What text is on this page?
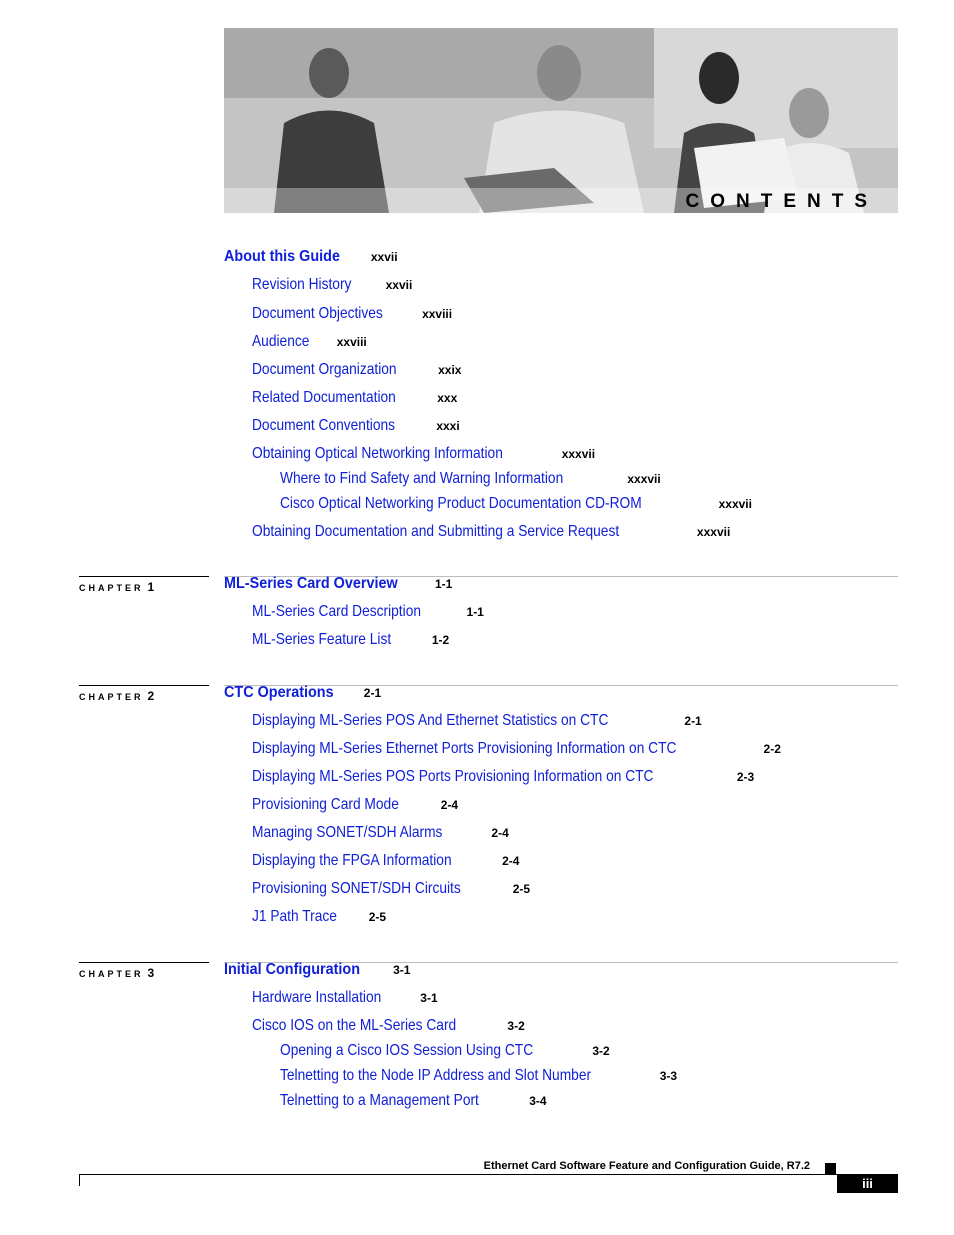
CONTENTS
About this Guide	xxvii
Revision History	xxvii
Document Objectives	xxviii
Audience xxviii
Document Organization	xxix
Related Documentation	xxx
Document Conventions	xxxi
Obtaining Optical Networking Information	xxxvii
Where to Find Safety and Warning Information	xxxvii
Cisco Optical Networking Product Documentation CD-ROM	xxxvii
Obtaining Documentation and Submitting a Service Request	xxxvii
CHAPTER 1	ML-Series Card Overview	1-1
ML-Series Card Description	1-1
ML-Series Feature List	1-2
CHAPTER 2	CTC Operations	2-1
Displaying ML-Series POS And Ethernet Statistics on CTC	2-1
Displaying ML-Series Ethernet Ports Provisioning Information on CTC	2-2
Displaying ML-Series POS Ports Provisioning Information on CTC	2-3
Provisioning Card Mode	2-4
Managing SONET/SDH Alarms	2-4
Displaying the FPGA Information	2-4
Provisioning SONET/SDH Circuits	2-5
J1 Path Trace	2-5
CHAPTER 3	Initial Configuration	3-1
Hardware Installation	3-1
Cisco IOS on the ML-Series Card	3-2
Opening a Cisco IOS Session Using CTC	3-2
Telnetting to the Node IP Address and Slot Number	3-3
Telnetting to a Management Port	3-4
Ethernet Card Software Feature and Configuration Guide, R7.2
iii
